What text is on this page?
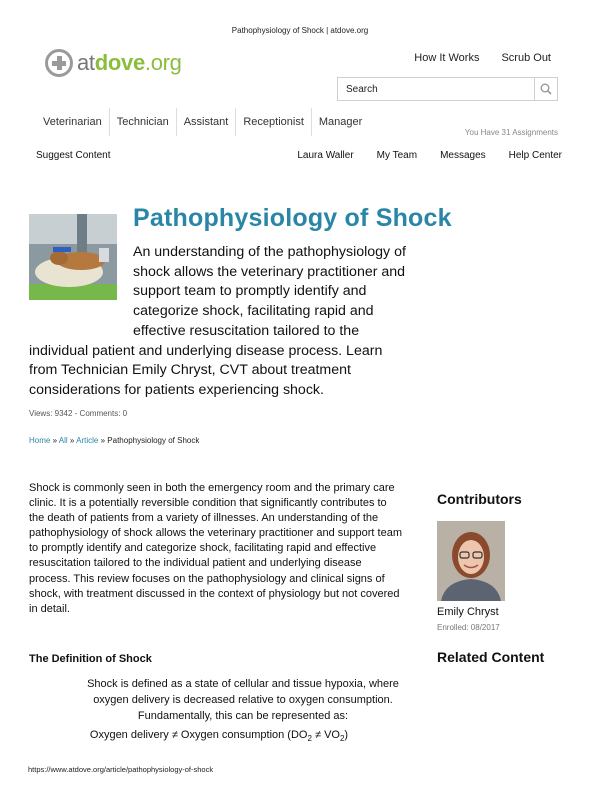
Pathophysiology of Shock | atdove.org
atdove.org	How It Works Scrub Out
Search
Veterinarian	Technician	Assistant	Receptionist	Manager
You Have 31 Assignments
Suggest Content	Laura Waller My Team Messages Help Center
Pathophysiology of Shock
An understanding of the pathophysiology of shock allows the veterinary practitioner and support team to promptly identify and categorize shock, facilitating rapid and effective resuscitation tailored to the individual patient and underlying disease process. Learn from Technician Emily Chryst, CVT about treatment considerations for patients experiencing shock.
Views: 9342 - Comments: 0
Home » All » Article » Pathophysiology of Shock
Shock is commonly seen in both the emergency room and the primary care clinic. It is a potentially reversible condition that significantly contributes to the death of patients from a variety of illnesses. An understanding of the pathophysiology of shock allows the veterinary practitioner and support team to promptly identify and categorize shock, facilitating rapid and effective resuscitation tailored to the individual patient and underlying disease process. This review focuses on the pathophysiology and clinical signs of shock, with treatment discussed in the context of physiology but not covered in detail.
Contributors
Emily Chryst
Enrolled: 08/2017
Related Content
The Definition of Shock
Shock is defined as a state of cellular and tissue hypoxia, where oxygen delivery is decreased relative to oxygen consumption. Fundamentally, this can be represented as:
Oxygen delivery ≠ Oxygen consumption $(DO_2 \ne VO_2)$
https://www.atdove.org/article/pathophysiology-of-shock
